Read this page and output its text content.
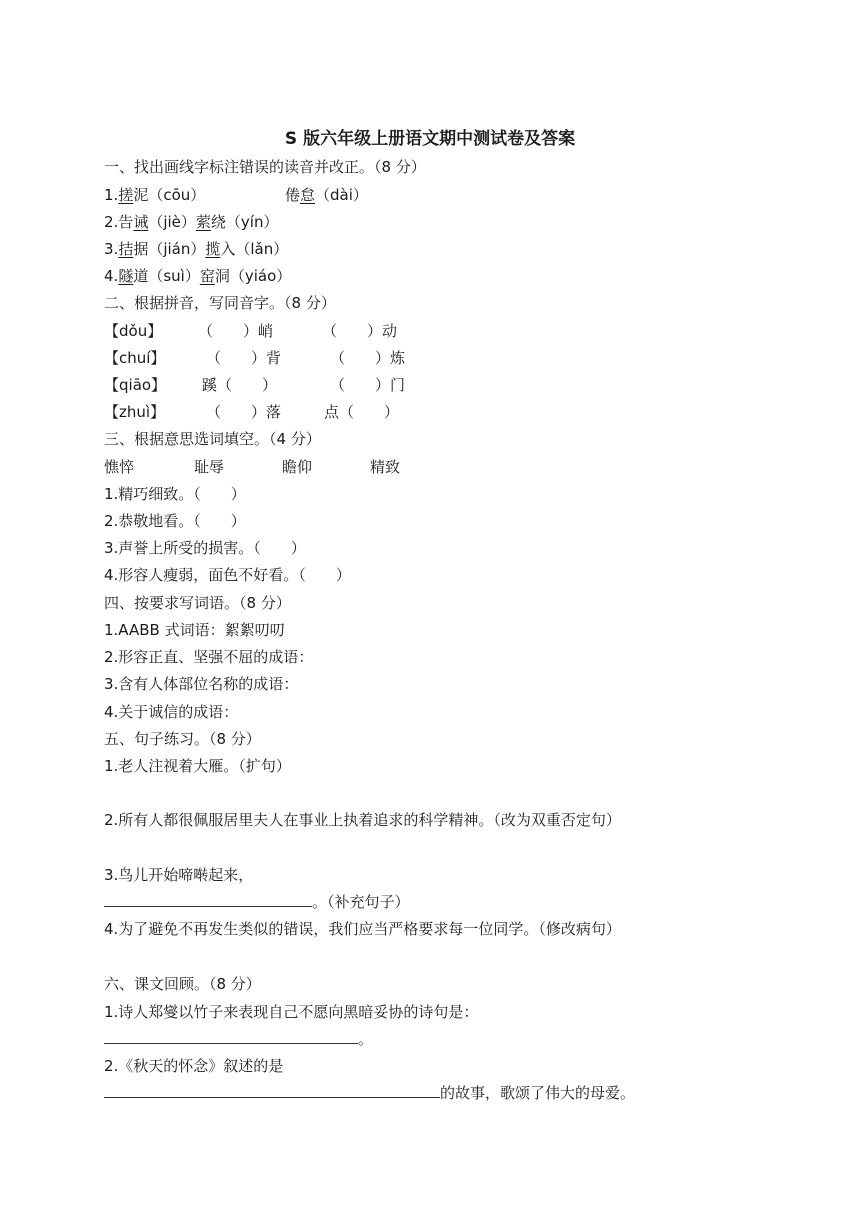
S 版六年级上册语文期中测试卷及答案
一、找出画线字标注错误的读音并改正。（8 分）
1.搓泥（cōu）	倦怠（dài）
2.告诫（jiè）萦绕（yín）
3.拮据（jián）揽入（lǎn）
4.隧道（suì）窑洞（yiáo）
二、根据拼音，写同音字。（8 分）
【dǒu】 （　　）峭	（　　）动
【chuí】	（　　）背	（　　）炼
【qiāo】 蹊（　　）	（　　）门
【zhuì】	（　　）落	点（　　）
三、根据意思选词填空。（4 分）
憔悴	耻辱	瞻仰	精致
1.精巧细致。（　　）
2.恭敬地看。（　　）
3.声誉上所受的损害。（　　）
4.形容人瘦弱，面色不好看。（　　）
四、按要求写词语。（8 分）
1.AABB 式词语：絮絮叨叨
2.形容正直、坚强不屈的成语：
3.含有人体部位名称的成语：
4.关于诚信的成语：
五、句子练习。（8 分）
1.老人注视着大雁。（扩句）
2.所有人都很佩服居里夫人在事业上执着追求的科学精神。（改为双重否定句）
3.鸟儿开始啼啭起来，
。（补充句子）
4.为了避免不再发生类似的错误，我们应当严格要求每一位同学。（修改病句）
六、课文回顾。（8 分）
1.诗人郑燮以竹子来表现自己不愿向黑暗妥协的诗句是：
。
2.《秋天的怀念》叙述的是
的故事，歌颂了伟大的母爱。
